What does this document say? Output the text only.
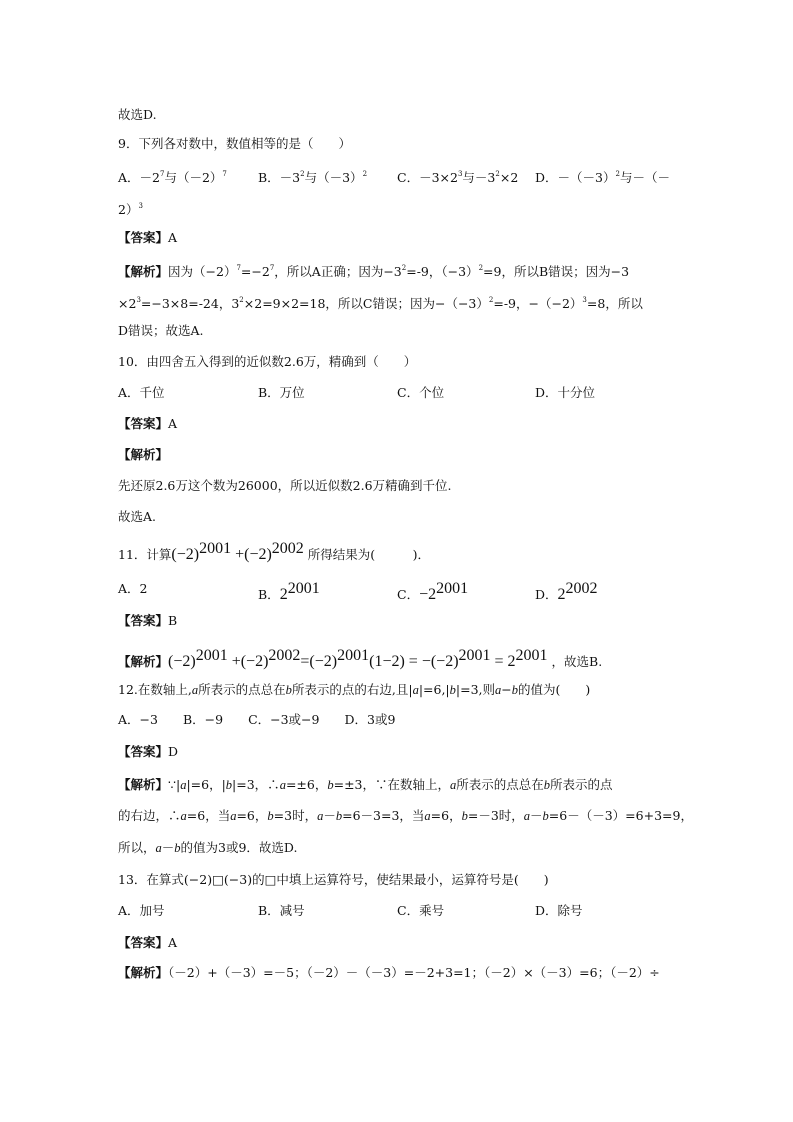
故选D.
9．下列各对数中，数值相等的是（　　）
A．$-2^7$与$(-2)^7$ B．$-3^2$与$(-3)^2$ C．$-3\times 2^3$与$-3^2\times 2$ D．$-(-3)^2$与－（－
2）$^3$
【答案】A
【解析】因为$(-2)^7=-2^7$，所以A正确；因为$-3^2=-9$，$(-3)^2=9$，所以B错误；因为−3
$\times 2^3=-3\times 8=-24$，$3^2\times 2=9\times 2=18$，所以C错误；因为$-(-3)^2=-9$，$-(-2)^3=8$，所以
D错误；故选A.
10．由四舍五入得到的近似数2.6万，精确到（　　）
A．千位	B．万位	C．个位	D．十分位
【答案】A
【解析】
先还原2.6万这个数为26000，所以近似数2.6万精确到千位.
故选A.
11．计算$(-2)^{2001} +(-2)^{2002}$ 所得结果为(　　　)．
A．2	B．$2^{2001}$	C．$-2^{2001}$	D．$2^{2002}$
【答案】B
【解析】$(-2)^{2001} +(-2)^{2002}=(-2)^{2001}(1-2) = -(-2)^{2001} = 2^{2001}$ ，故选B.
12.在数轴上,a所表示的点总在b所表示的点的右边,且|a|=6,|b|=3,则a−b的值为(　　)
A．−3　　B．−9　　C．−3或−9　　D．3或9
【答案】D
【解析】∵|a|=6，|b|=3，∴a=±6，b=±3，∵在数轴上，a所表示的点总在b所表示的点
的右边，∴a=6，当a=6，b=3时，a－b=6－3=3，当a=6，b=－3时，a－b=6－（－3）=6+3=9，
所以，a－b的值为3或9．故选D.
13．在算式(−2)□(−3)的□中填上运算符号，使结果最小，运算符号是(　　)
A．加号	B．减号	C．乘号	D．除号
【答案】A
【解析】（－2）+（－3）=－5；（－2）－（－3）=－2+3=1；（－2）×（－3）=6；（－2）÷
